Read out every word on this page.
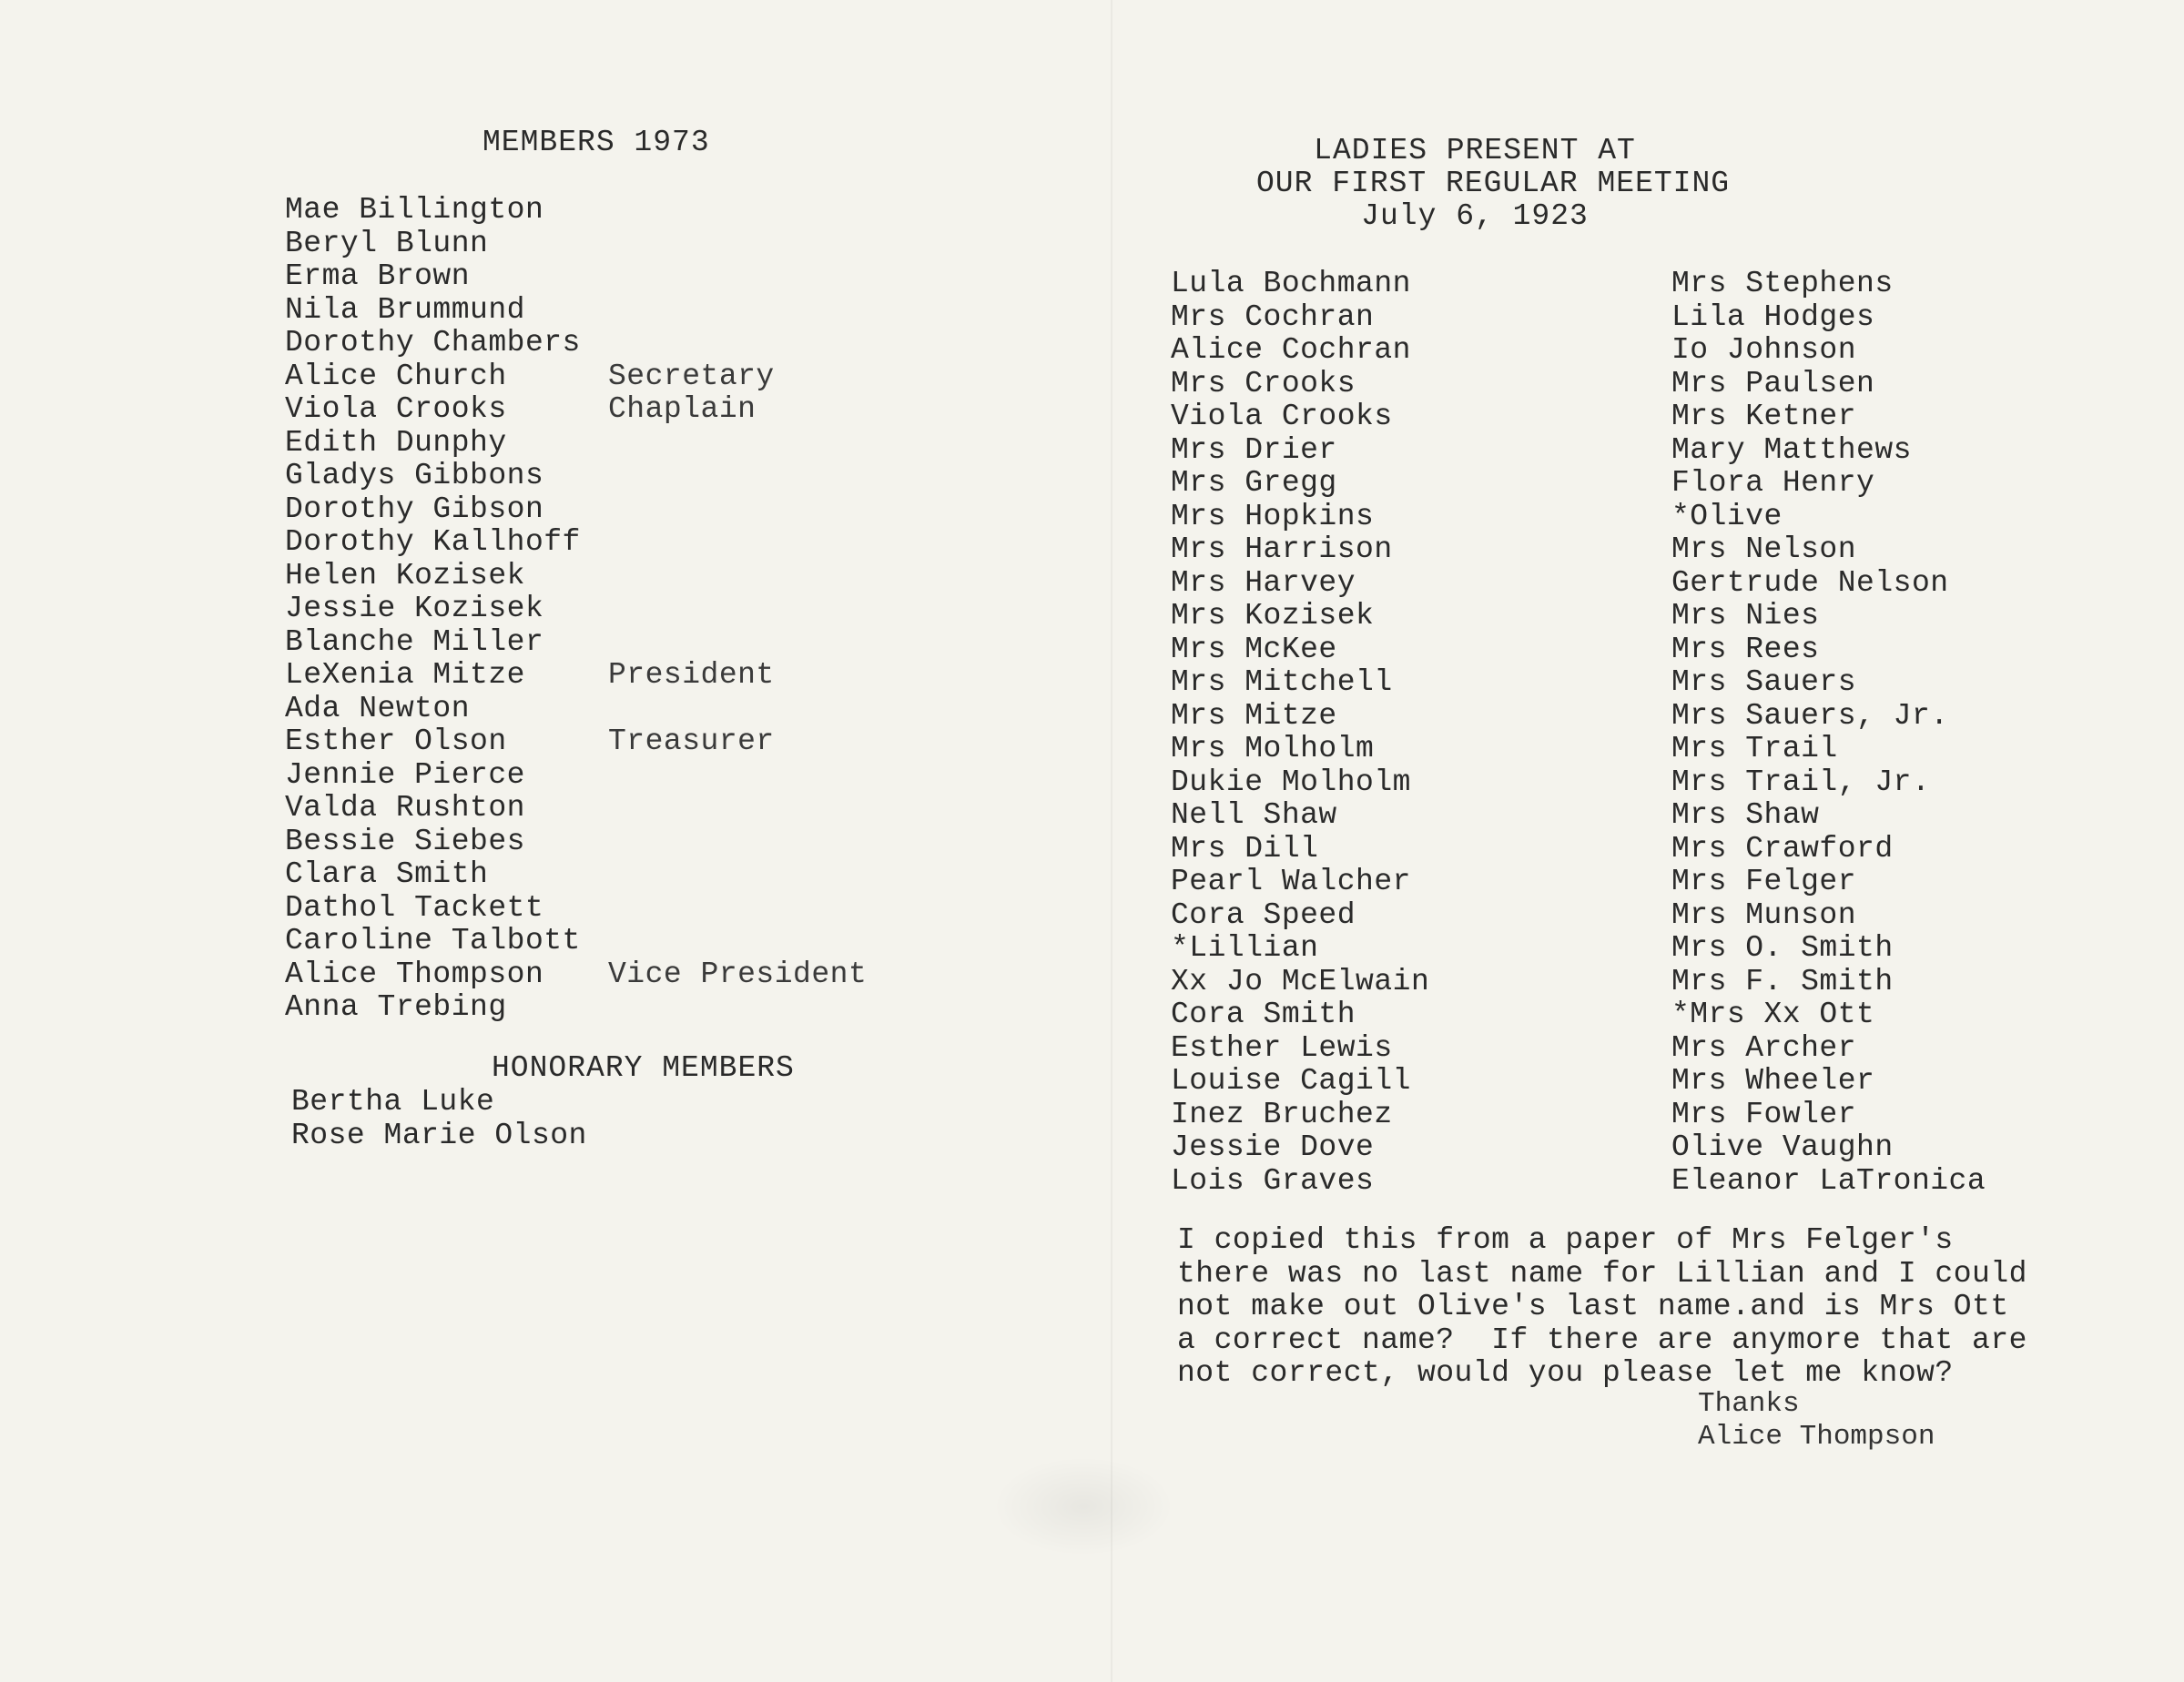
MEMBERS 1973
Mae Billington
Beryl Blunn
Erma Brown
Nila Brummund
Dorothy Chambers
Alice Church	Secretary
Viola Crooks	Chaplain
Edith Dunphy
Gladys Gibbons
Dorothy Gibson
Dorothy Kallhoff
Helen Kozisek
Jessie Kozisek
Blanche Miller
LeXenia Mitze	President
Ada Newton
Esther Olson	Treasurer
Jennie Pierce
Valda Rushton
Bessie Siebes
Clara Smith
Dathol Tackett
Caroline Talbott
Alice Thompson	Vice President
Anna Trebing
HONORARY MEMBERS
Bertha Luke
Rose Marie Olson
LADIES PRESENT AT
OUR FIRST REGULAR MEETING
July 6, 1923
Lula Bochmann
Mrs Cochran
Alice Cochran
Mrs Crooks
Viola Crooks
Mrs Drier
Mrs Gregg
Mrs Hopkins
Mrs Harrison
Mrs Harvey
Mrs Kozisek
Mrs McKee
Mrs Mitchell
Mrs Mitze
Mrs Molholm
Dukie Molholm
Nell Shaw
Mrs Dill
Pearl Walcher
Cora Speed
*Lillian
Xx Jo McElwain
Cora Smith
Esther Lewis
Louise Cagill
Inez Bruchez
Jessie Dove
Lois Graves
Mrs Stephens
Lila Hodges
Io Johnson
Mrs Paulsen
Mrs Ketner
Mary Matthews
Flora Henry
*Olive
Mrs Nelson
Gertrude Nelson
Mrs Nies
Mrs Rees
Mrs Sauers
Mrs Sauers, Jr.
Mrs Trail
Mrs Trail, Jr.
Mrs Shaw
Mrs Crawford
Mrs Felger
Mrs Munson
Mrs O. Smith
Mrs F. Smith
*Mrs Xx Ott
Mrs Archer
Mrs Wheeler
Mrs Fowler
Olive Vaughn
Eleanor LaTronica
I copied this from a paper of Mrs Felger's
there was no last name for Lillian and I could
not make out Olive's last name.and is Mrs Ott
a correct name?  If there are anymore that are
not correct, would you please let me know?
Thanks
Alice Thompson
